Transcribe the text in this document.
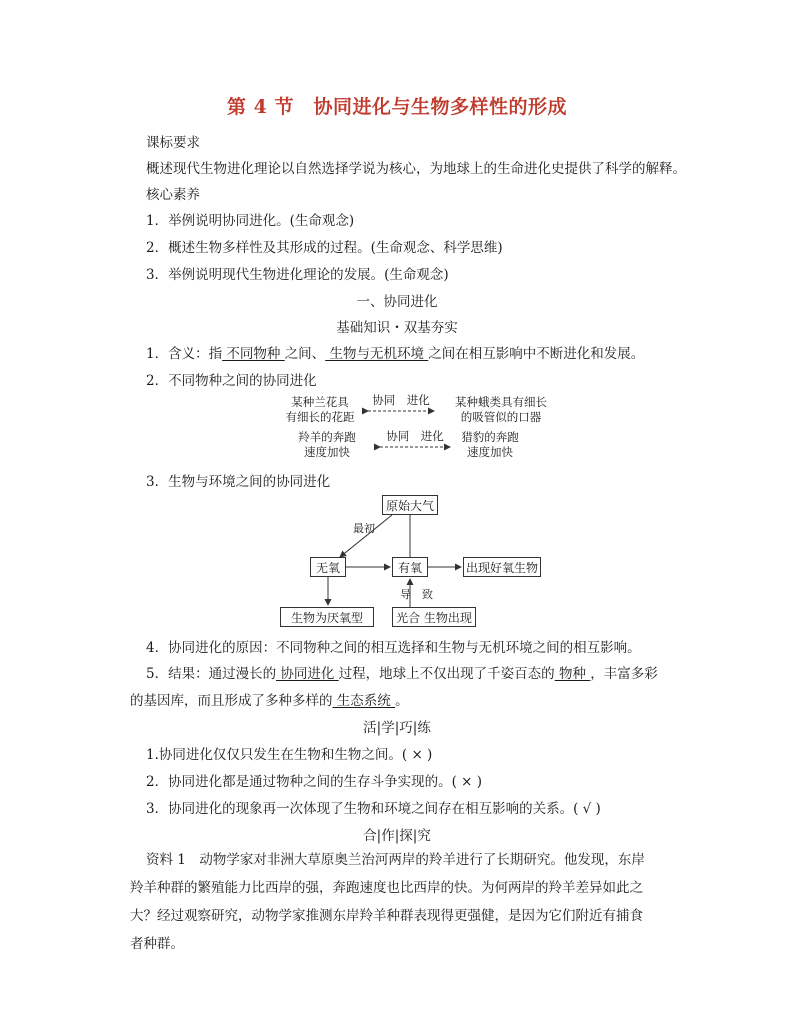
第 4 节　协同进化与生物多样性的形成
课标要求
概述现代生物进化理论以自然选择学说为核心，为地球上的生命进化史提供了科学的解释。
核心素养
1．举例说明协同进化。(生命观念)
2．概述生物多样性及其形成的过程。(生命观念、科学思维)
3．举例说明现代生物进化理论的发展。(生命观念)
一、协同进化
基础知识・双基夯实
1．含义：指 不同物种 之间、 生物与无机环境 之间在相互影响中不断进化和发展。
2．不同物种之间的协同进化
某种兰花具
有细长的花距
协同　进化	某种蛾类具有细长
的吸管似的口器
羚羊的奔跑
速度加快
协同　进化	猎豹的奔跑
速度加快
3．生物与环境之间的协同进化
原始大气
最初
无氧	有氧	出现好氧生物
导　致
生物为厌氧型	光合 生物出现
4．协同进化的原因：不同物种之间的相互选择和生物与无机环境之间的相互影响。
5．结果：通过漫长的 协同进化 过程，地球上不仅出现了千姿百态的 物种 ，丰富多彩
的基因库，而且形成了多种多样的 生态系统 。
活|学|巧|练
1.协同进化仅仅只发生在生物和生物之间。( × )
2．协同进化都是通过物种之间的生存斗争实现的。( × )
3．协同进化的现象再一次体现了生物和环境之间存在相互影响的关系。( √ )
合|作|探|究
资料 1　动物学家对非洲大草原奥兰治河两岸的羚羊进行了长期研究。他发现，东岸羚羊种群的繁殖能力比西岸的强，奔跑速度也比西岸的快。为何两岸的羚羊差异如此之大？经过观察研究，动物学家推测东岸羚羊种群表现得更强健，是因为它们附近有捕食者种群。
